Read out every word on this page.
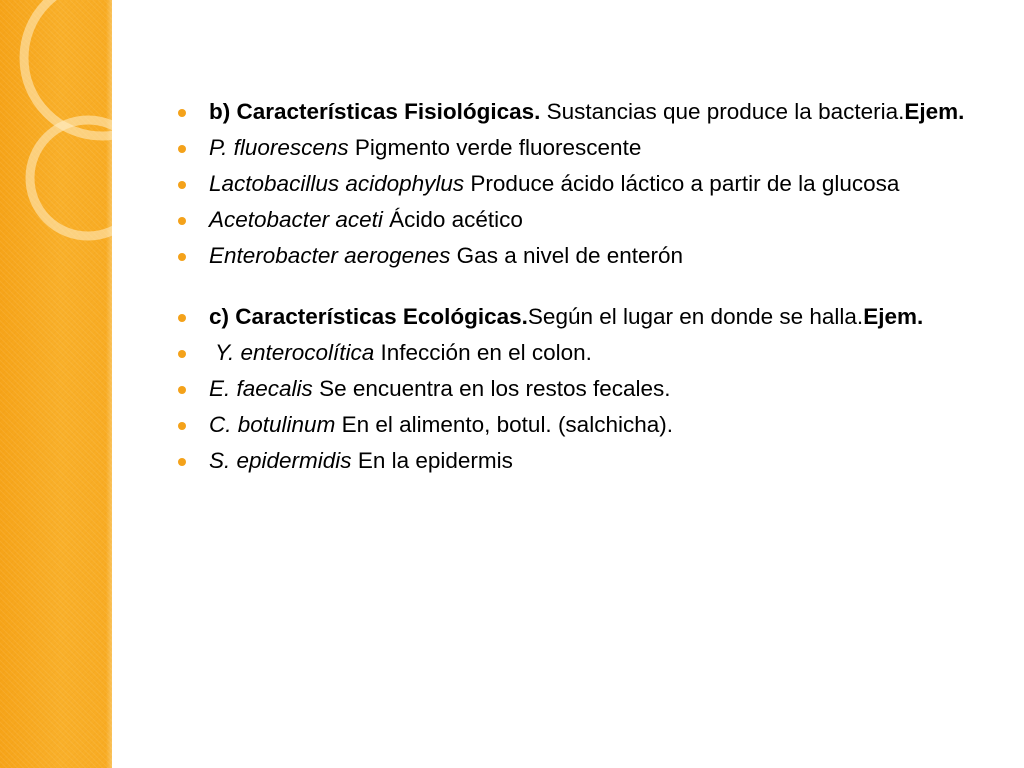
b) Características Fisiológicas. Sustancias que produce la bacteria.Ejem.
P. fluorescens Pigmento verde fluorescente
Lactobacillus acidophylus Produce ácido láctico a partir de la glucosa
Acetobacter aceti Ácido acético
Enterobacter aerogenes Gas a nivel de enterón
c) Características Ecológicas.Según el lugar en donde se halla.Ejem.
Y. enterocolítica Infección en el colon.
E. faecalis Se encuentra en los restos fecales.
C. botulinum En el alimento, botul. (salchicha).
S. epidermidis En la epidermis
